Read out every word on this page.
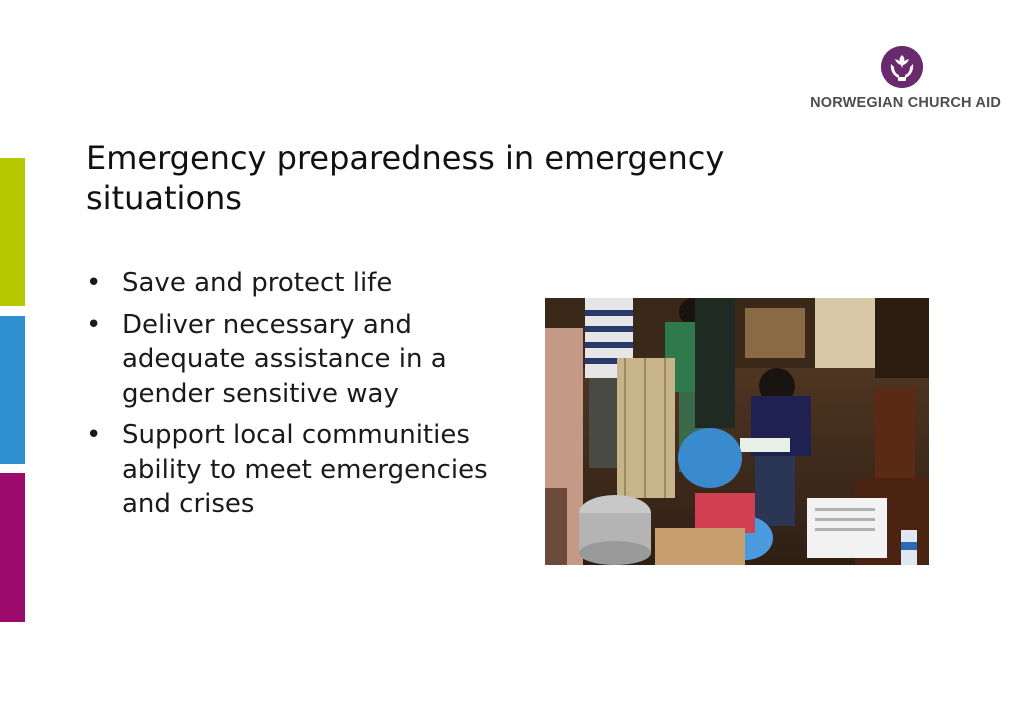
NORWEGIAN CHURCH AID
Emergency preparedness in emergency situations
• Save and protect life
• Deliver necessary and adequate assistance in a gender sensitive way
• Support local communities ability to meet emergencies and crises
